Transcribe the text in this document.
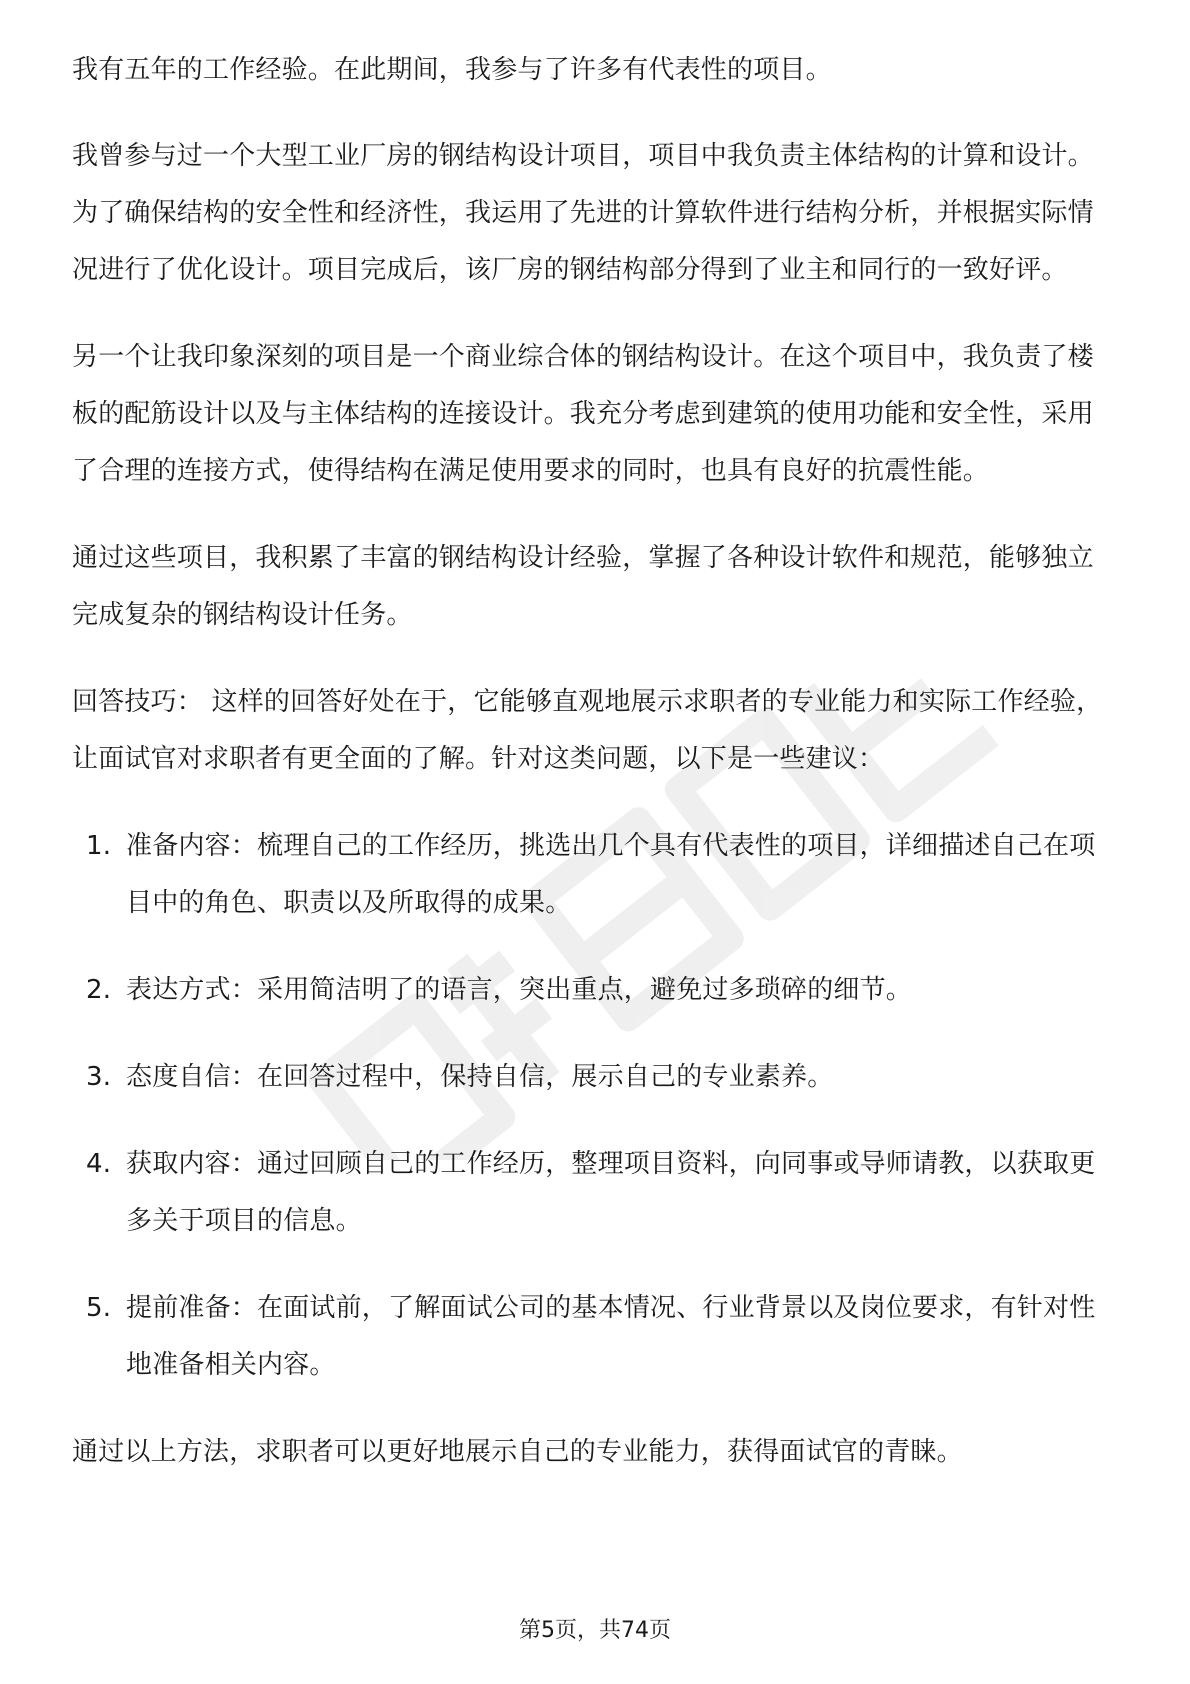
我有五年的工作经验。在此期间，我参与了许多有代表性的项目。

我曾参与过一个大型工业厂房的钢结构设计项目，项目中我负责主体结构的计算和设计。为了确保结构的安全性和经济性，我运用了先进的计算软件进行结构分析，并根据实际情况进行了优化设计。项目完成后，该厂房的钢结构部分得到了业主和同行的一致好评。

另一个让我印象深刻的项目是一个商业综合体的钢结构设计。在这个项目中，我负责了楼板的配筋设计以及与主体结构的连接设计。我充分考虑到建筑的使用功能和安全性，采用了合理的连接方式，使得结构在满足使用要求的同时，也具有良好的抗震性能。

通过这些项目，我积累了丰富的钢结构设计经验，掌握了各种设计软件和规范，能够独立完成复杂的钢结构设计任务。

回答技巧： 这样的回答好处在于，它能够直观地展示求职者的专业能力和实际工作经验，让面试官对求职者有更全面的了解。针对这类问题，以下是一些建议：

1. 准备内容：梳理自己的工作经历，挑选出几个具有代表性的项目，详细描述自己在项目中的角色、职责以及所取得的成果。
2. 表达方式：采用简洁明了的语言，突出重点，避免过多琐碎的细节。
3. 态度自信：在回答过程中，保持自信，展示自己的专业素养。
4. 获取内容：通过回顾自己的工作经历，整理项目资料，向同事或导师请教，以获取更多关于项目的信息。
5. 提前准备：在面试前，了解面试公司的基本情况、行业背景以及岗位要求，有针对性地准备相关内容。

通过以上方法，求职者可以更好地展示自己的专业能力，获得面试官的青睐。

第5页，共74页
